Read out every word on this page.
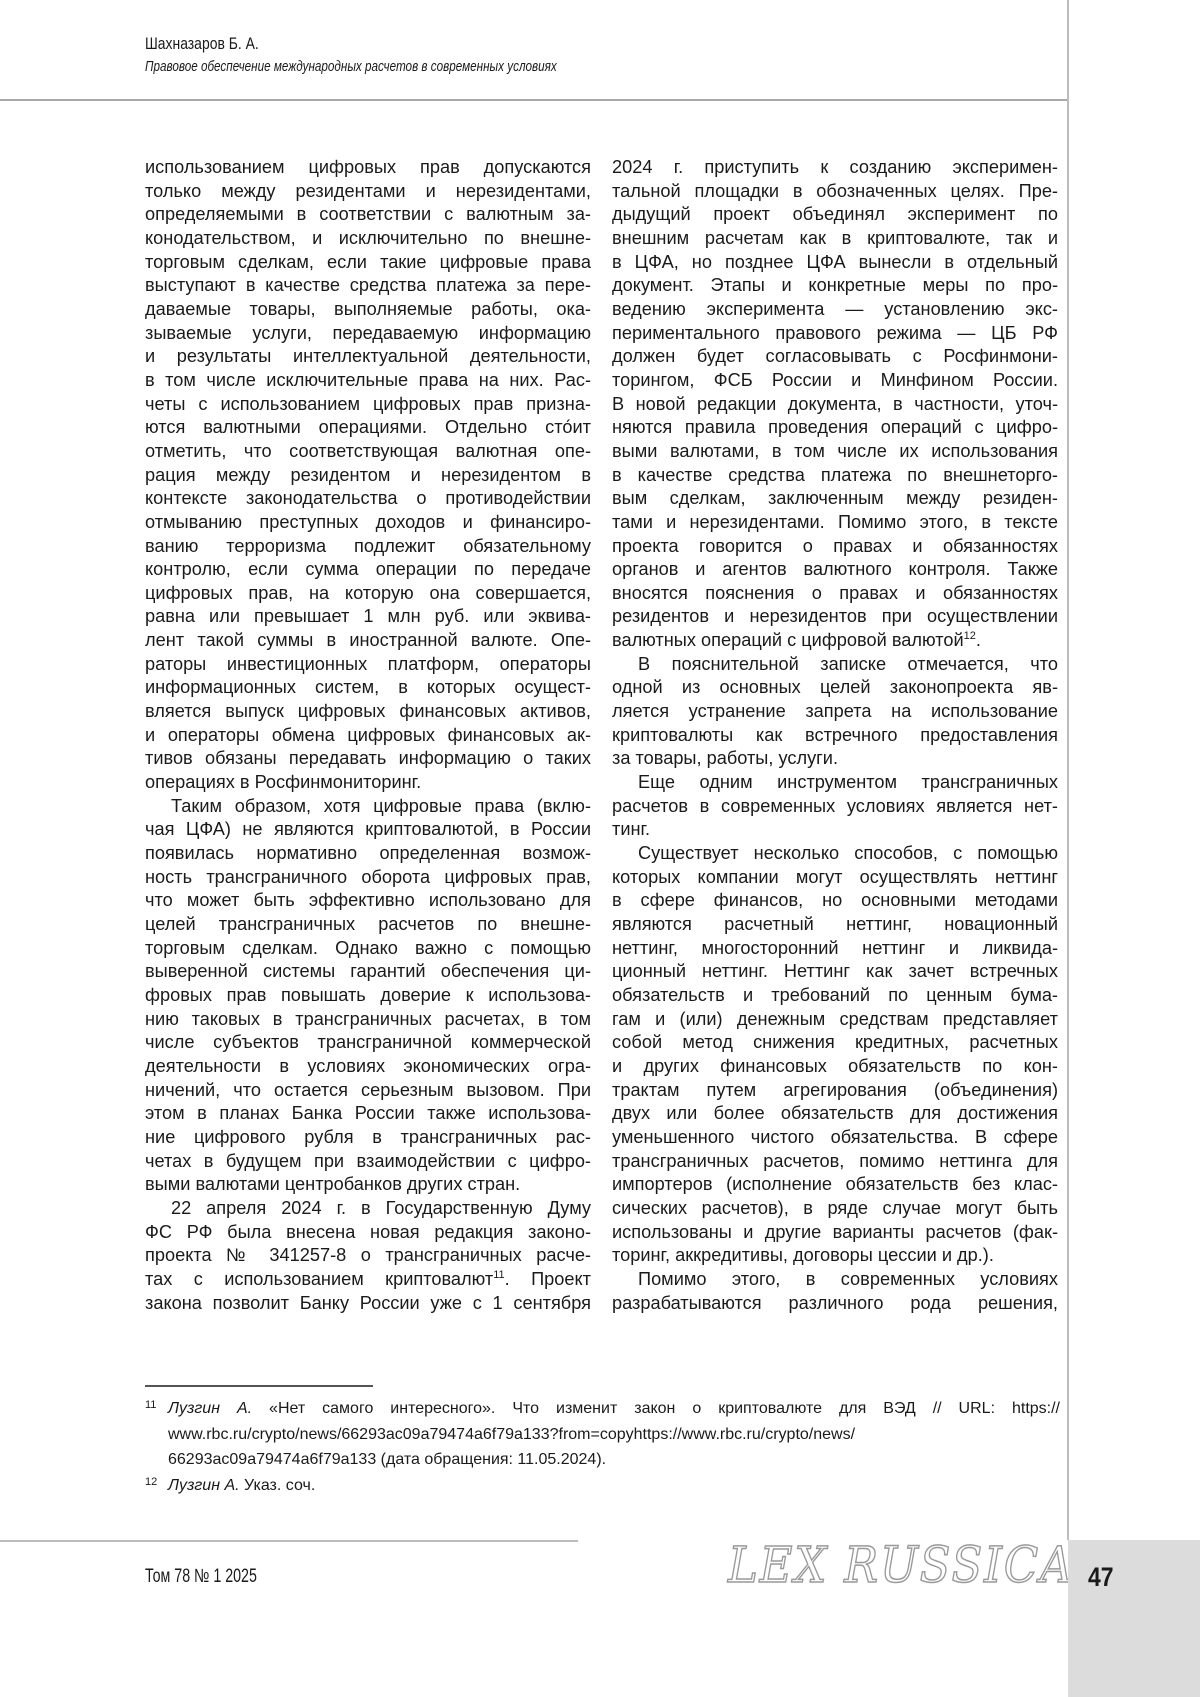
Шахназаров Б. А.
Правовое обеспечение международных расчетов в современных условиях
использованием цифровых прав допускаются
только между резидентами и нерезидентами,
определяемыми в соответствии с валютным за-
конодательством, и исключительно по внешне-
торговым сделкам, если такие цифровые права
выступают в качестве средства платежа за пере-
даваемые товары, выполняемые работы, ока-
зываемые услуги, передаваемую информацию
и результаты интеллектуальной деятельности,
в том числе исключительные права на них. Рас-
четы с использованием цифровых прав призна-
ются валютными операциями. Отдельно сто́ит
отметить, что соответствующая валютная опе-
рация между резидентом и нерезидентом в
контексте законодательства о противодействии
отмыванию преступных доходов и финансиро-
ванию терроризма подлежит обязательному
контролю, если сумма операции по передаче
цифровых прав, на которую она совершается,
равна или превышает 1 млн руб. или эквива-
лент такой суммы в иностранной валюте. Опе-
раторы инвестиционных платформ, операторы
информационных систем, в которых осущест-
вляется выпуск цифровых финансовых активов,
и операторы обмена цифровых финансовых ак-
тивов обязаны передавать информацию о таких
операциях в Росфинмониторинг.
Таким образом, хотя цифровые права (вклю-
чая ЦФА) не являются криптовалютой, в России
появилась нормативно определенная возмож-
ность трансграничного оборота цифровых прав,
что может быть эффективно использовано для
целей трансграничных расчетов по внешне-
торговым сделкам. Однако важно с помощью
выверенной системы гарантий обеспечения ци-
фровых прав повышать доверие к использова-
нию таковых в трансграничных расчетах, в том
числе субъектов трансграничной коммерческой
деятельности в условиях экономических огра-
ничений, что остается серьезным вызовом. При
этом в планах Банка России также использова-
ние цифрового рубля в трансграничных рас-
четах в будущем при взаимодействии с цифро-
выми валютами центробанков других стран.
22 апреля 2024 г. в Государственную Думу
ФС РФ была внесена новая редакция законо-
проекта № 341257-8 о трансграничных расче-
тах с использованием криптовалют11. Проект
закона позволит Банку России уже с 1 сентября
2024 г. приступить к созданию эксперимен-
тальной площадки в обозначенных целях. Пре-
дыдущий проект объединял эксперимент по
внешним расчетам как в криптовалюте, так и
в ЦФА, но позднее ЦФА вынесли в отдельный
документ. Этапы и конкретные меры по про-
ведению эксперимента — установлению экс-
периментального правового режима — ЦБ РФ
должен будет согласовывать с Росфинмони-
торингом, ФСБ России и Минфином России.
В новой редакции документа, в частности, уточ-
няются правила проведения операций с цифро-
выми валютами, в том числе их использования
в качестве средства платежа по внешнеторго-
вым сделкам, заключенным между резиден-
тами и нерезидентами. Помимо этого, в тексте
проекта говорится о правах и обязанностях
органов и агентов валютного контроля. Также
вносятся пояснения о правах и обязанностях
резидентов и нерезидентов при осуществлении
валютных операций с цифровой валютой12.
В пояснительной записке отмечается, что
одной из основных целей законопроекта яв-
ляется устранение запрета на использование
криптовалюты как встречного предоставления
за товары, работы, услуги.
Еще одним инструментом трансграничных
расчетов в современных условиях является нет-
тинг.
Существует несколько способов, с помощью
которых компании могут осуществлять неттинг
в сфере финансов, но основными методами
являются расчетный неттинг, новационный
неттинг, многосторонний неттинг и ликвида-
ционный неттинг. Неттинг как зачет встречных
обязательств и требований по ценным бума-
гам и (или) денежным средствам представляет
собой метод снижения кредитных, расчетных
и других финансовых обязательств по кон-
трактам путем агрегирования (объединения)
двух или более обязательств для достижения
уменьшенного чистого обязательства. В сфере
трансграничных расчетов, помимо неттинга для
импортеров (исполнение обязательств без клас-
сических расчетов), в ряде случае могут быть
использованы и другие варианты расчетов (фак-
торинг, аккредитивы, договоры цессии и др.).
Помимо этого, в современных условиях
разрабатываются различного рода решения,
11 Лузгин А. «Нет самого интересного». Что изменит закон о криптовалюте для ВЭД // URL: https://
www.rbc.ru/crypto/news/66293ac09a79474a6f79a133?from=copyhttps://www.rbc.ru/crypto/news/
66293ac09a79474a6f79a133 (дата обращения: 11.05.2024).
12 Лузгин А. Указ. соч.
Том 78 № 1 2025	LEX RUSSICA 47
